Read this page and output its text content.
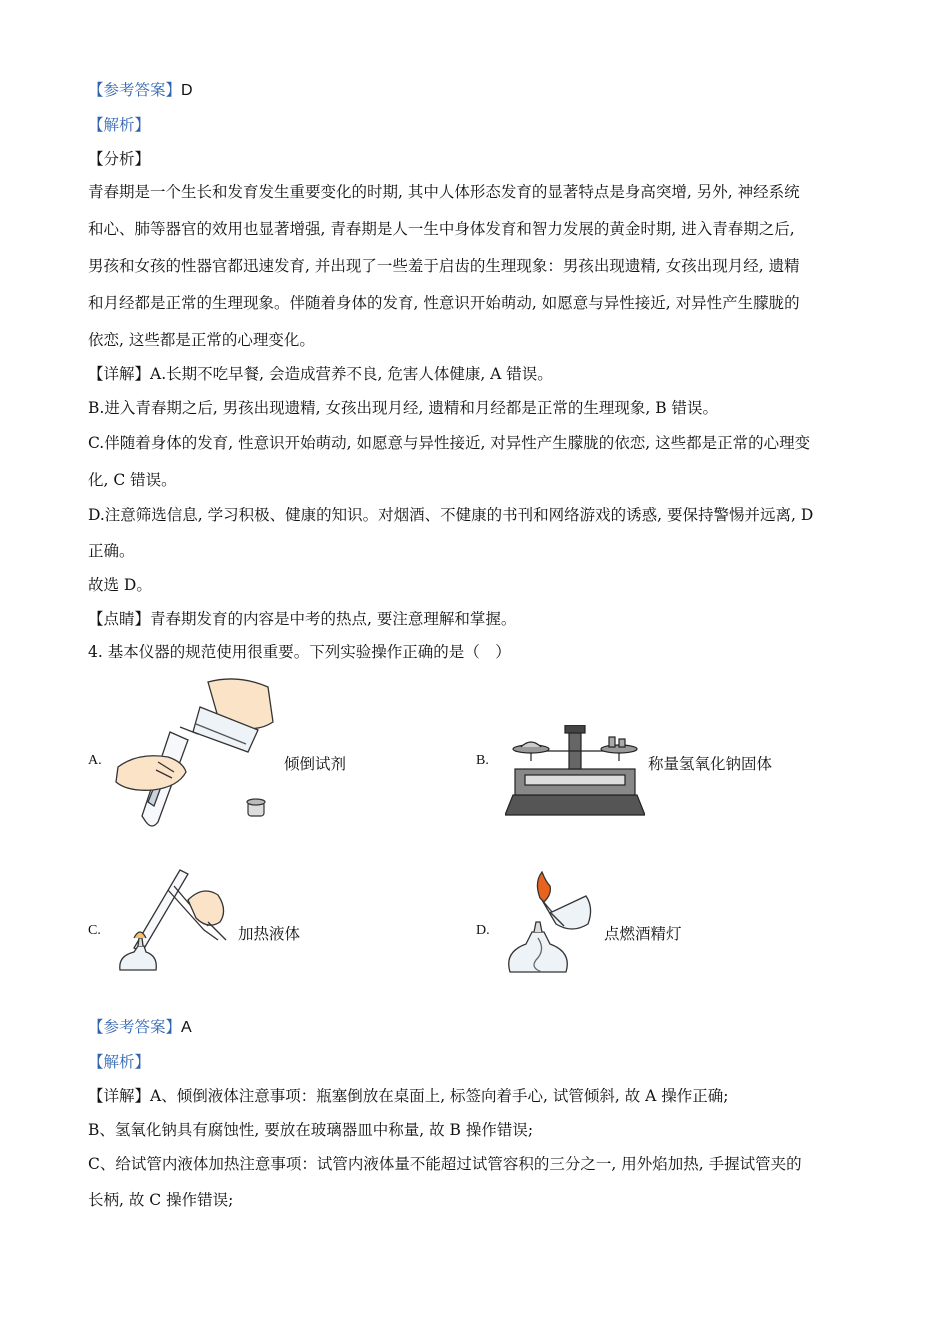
【参考答案】D
【解析】
【分析】
青春期是一个生长和发育发生重要变化的时期, 其中人体形态发育的显著特点是身高突增, 另外, 神经系统
和心、肺等器官的效用也显著增强, 青春期是人一生中身体发育和智力发展的黄金时期, 进入青春期之后,
男孩和女孩的性器官都迅速发育, 并出现了一些羞于启齿的生理现象：男孩出现遗精, 女孩出现月经, 遗精
和月经都是正常的生理现象。伴随着身体的发育, 性意识开始萌动, 如愿意与异性接近, 对异性产生朦胧的
依恋, 这些都是正常的心理变化。
【详解】A.长期不吃早餐, 会造成营养不良, 危害人体健康, A 错误。
B.进入青春期之后, 男孩出现遗精, 女孩出现月经, 遗精和月经都是正常的生理现象, B 错误。
C.伴随着身体的发育, 性意识开始萌动, 如愿意与异性接近, 对异性产生朦胧的依恋, 这些都是正常的心理变
化, C 错误。
D.注意筛选信息, 学习积极、健康的知识。对烟酒、不健康的书刊和网络游戏的诱惑, 要保持警惕并远离, D
正确。
故选 D。
【点睛】青春期发育的内容是中考的热点, 要注意理解和掌握。
4. 基本仪器的规范使用很重要。下列实验操作正确的是（　）
A.	倾倒试剂	B.	称量氢氧化钠固体
C.	加热液体	D.	点燃酒精灯
【参考答案】A
【解析】
【详解】A、倾倒液体注意事项：瓶塞倒放在桌面上, 标签向着手心, 试管倾斜, 故 A 操作正确;
B、氢氧化钠具有腐蚀性, 要放在玻璃器皿中称量, 故 B 操作错误;
C、给试管内液体加热注意事项：试管内液体量不能超过试管容积的三分之一, 用外焰加热, 手握试管夹的
长柄, 故 C 操作错误;
